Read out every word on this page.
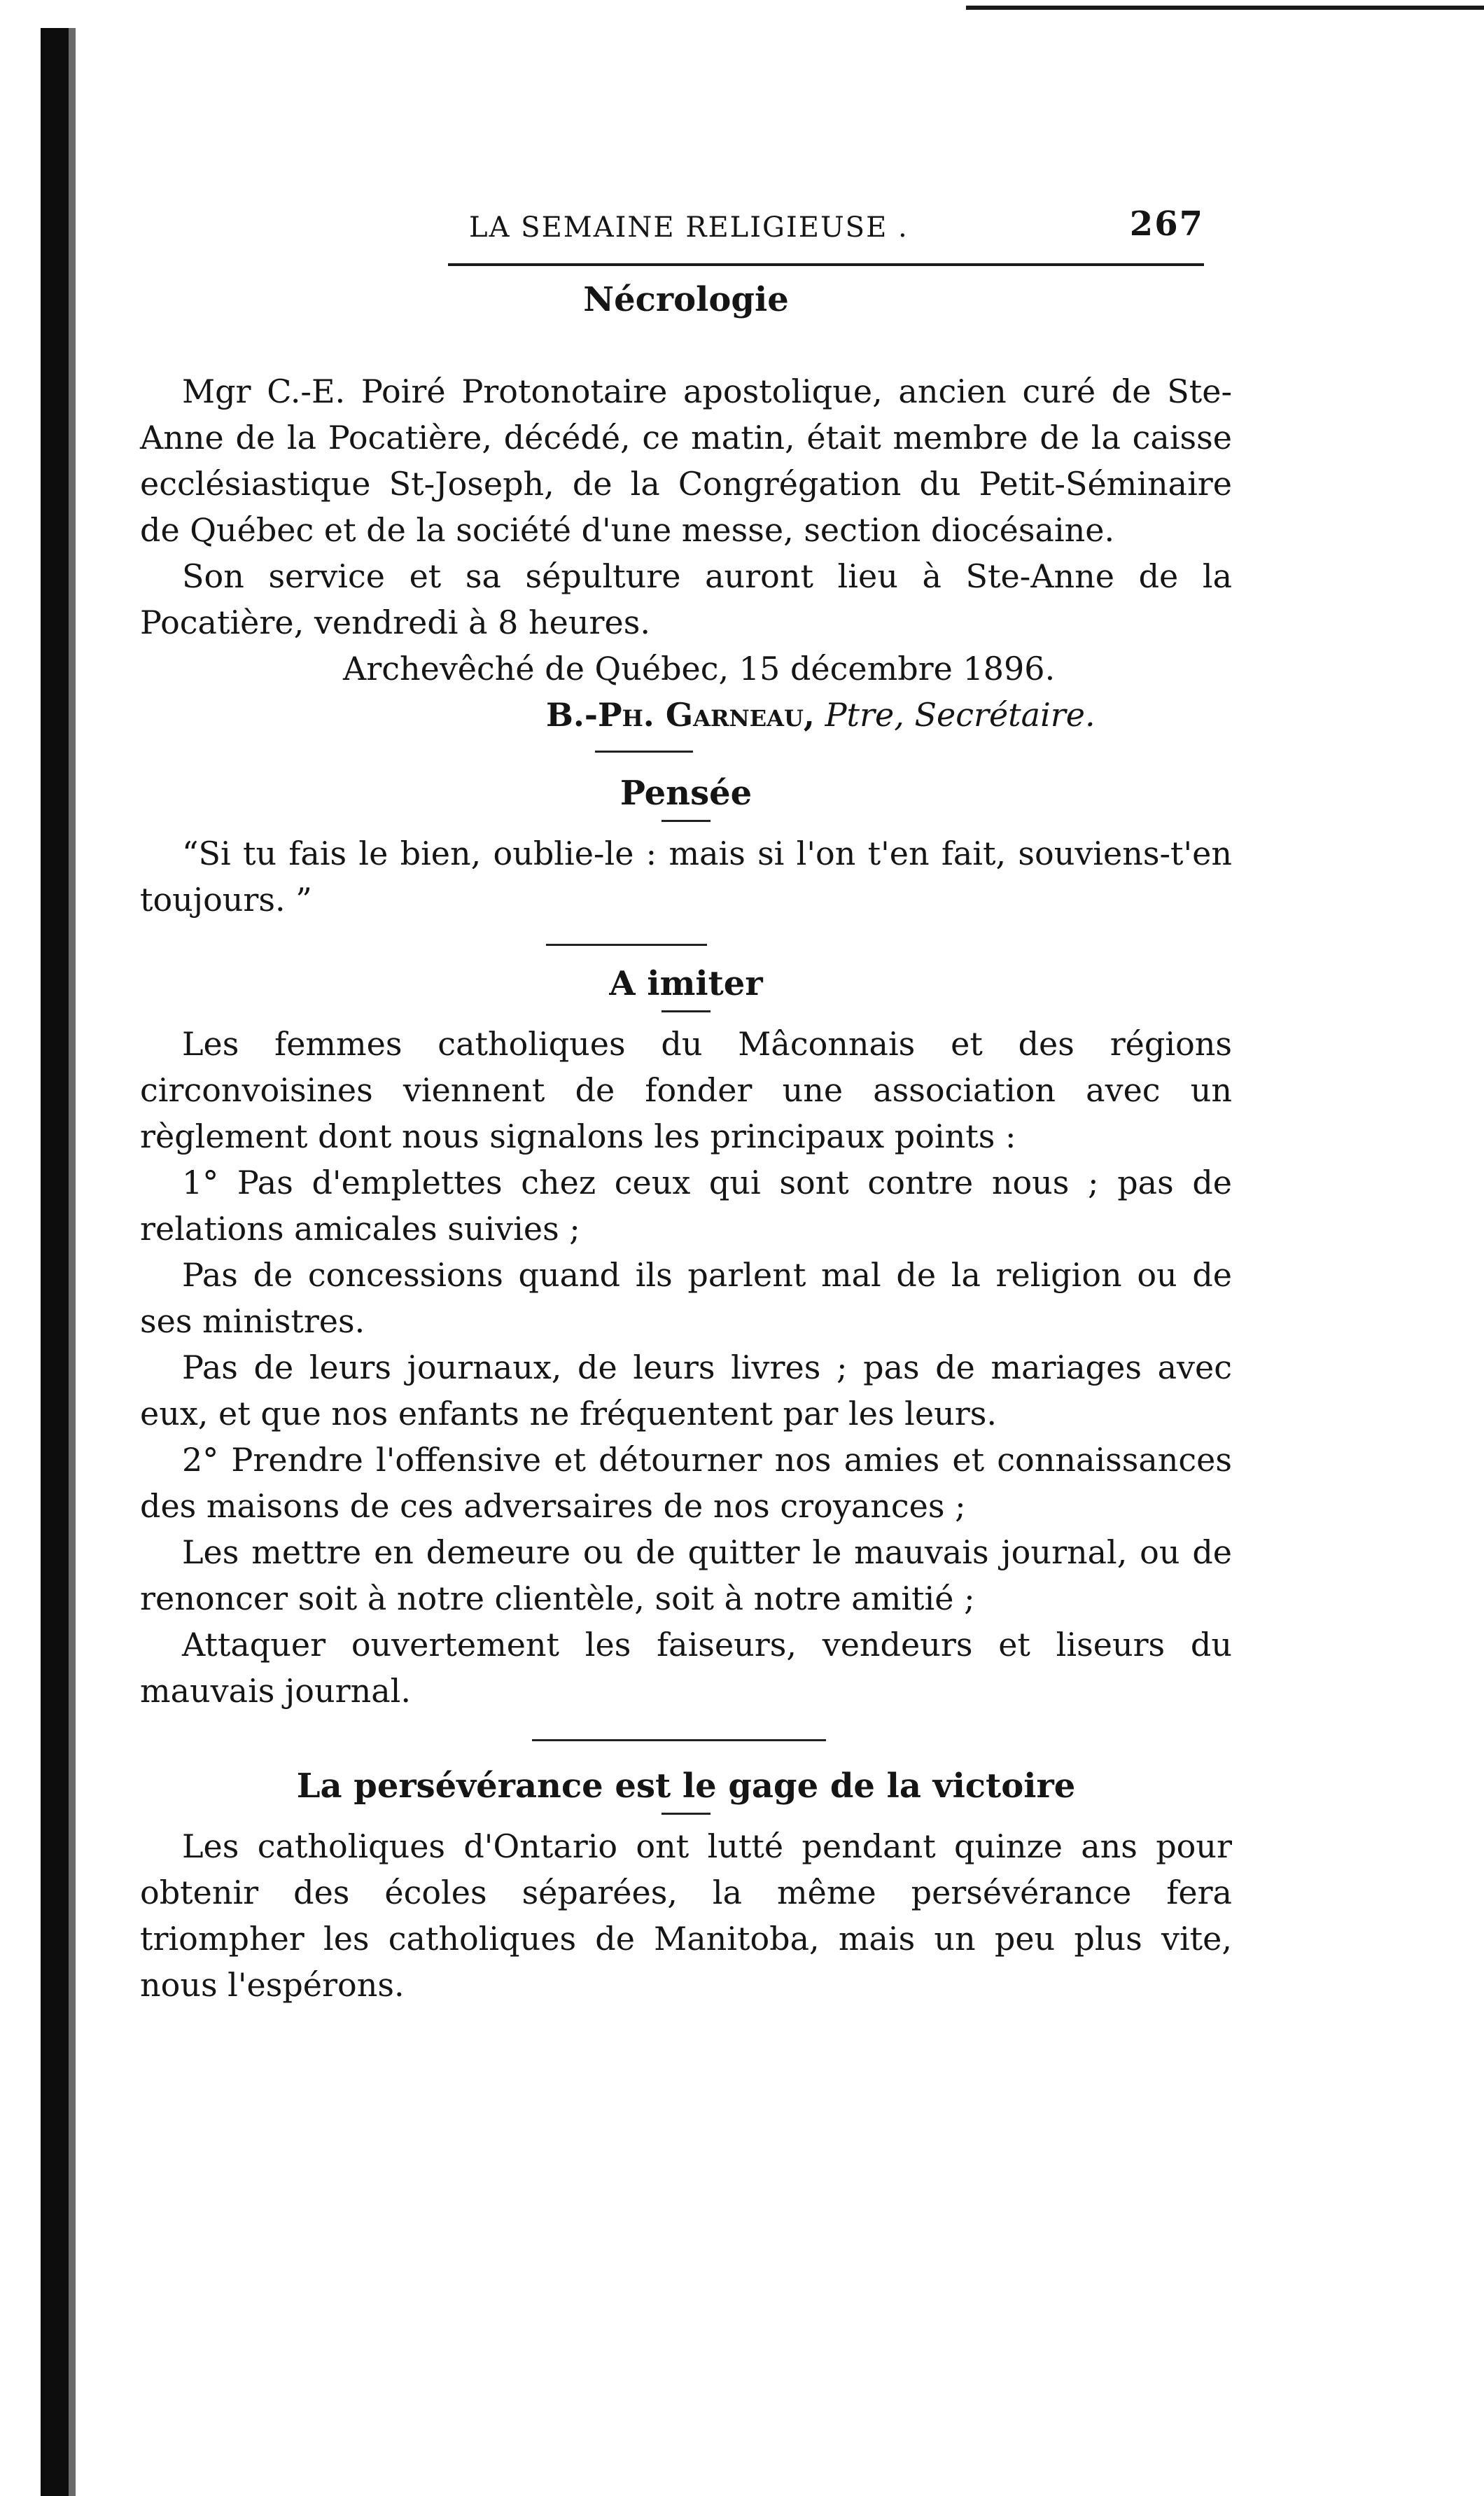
LA SEMAINE RELIGIEUSE .	267
Nécrologie

Mgr C.-E. Poiré Protonotaire apostolique, ancien curé de Ste-Anne de la Pocatière, décédé, ce matin, était membre de la caisse ecclésiastique St-Joseph, de la Congrégation du Petit-Séminaire de Québec et de la société d'une messe, section diocésaine.

Son service et sa sépulture auront lieu à Ste-Anne de la Pocatière, vendredi à 8 heures.

Archevêché de Québec, 15 décembre 1896.

B.-Ph. Garneau, Ptre, Secrétaire.

Pensée

“Si tu fais le bien, oublie-le : mais si l'on t'en fait, souviens-t'en toujours. ”

A imiter

Les femmes catholiques du Mâconnais et des régions circonvoisines viennent de fonder une association avec un règlement dont nous signalons les principaux points :

1° Pas d'emplettes chez ceux qui sont contre nous ; pas de relations amicales suivies ;

Pas de concessions quand ils parlent mal de la religion ou de ses ministres.

Pas de leurs journaux, de leurs livres ; pas de mariages avec eux, et que nos enfants ne fréquentent par les leurs.

2° Prendre l'offensive et détourner nos amies et connaissances des maisons de ces adversaires de nos croyances ;

Les mettre en demeure ou de quitter le mauvais journal, ou de renoncer soit à notre clientèle, soit à notre amitié ;

Attaquer ouvertement les faiseurs, vendeurs et liseurs du mauvais journal.

La persévérance est le gage de la victoire

Les catholiques d'Ontario ont lutté pendant quinze ans pour obtenir des écoles séparées, la même persévérance fera triompher les catholiques de Manitoba, mais un peu plus vite, nous l'espérons.
